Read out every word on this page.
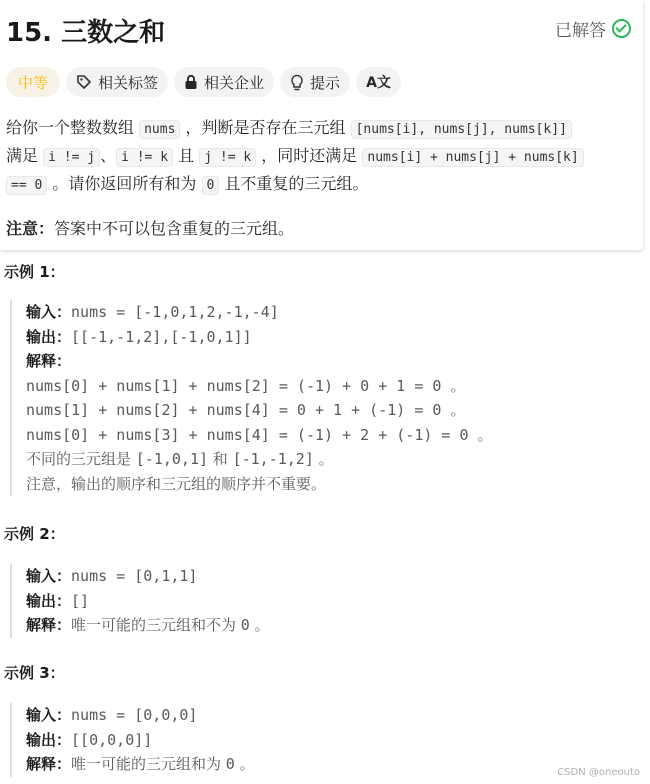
15. 三数之和	已解答
中等	相关标签	相关企业	提示 A文

给你一个整数数组 nums ，判断是否存在三元组 [nums[i], nums[j], nums[k]]
满足 i != j 、 i != k 且 j != k ，同时还满足 nums[i] + nums[j] + nums[k]
== 0 。请你返回所有和为 0 且不重复的三元组。

注意：答案中不可以包含重复的三元组。
示例 1：
输入：nums = [-1,0,1,2,-1,-4]
输出：[[-1,-1,2],[-1,0,1]]
解释：
nums[0] + nums[1] + nums[2] = (-1) + 0 + 1 = 0 。
nums[1] + nums[2] + nums[4] = 0 + 1 + (-1) = 0 。
nums[0] + nums[3] + nums[4] = (-1) + 2 + (-1) = 0 。
不同的三元组是 [-1,0,1] 和 [-1,-1,2] 。
注意，输出的顺序和三元组的顺序并不重要。
示例 2：
输入：nums = [0,1,1]
输出：[]
解释：唯一可能的三元组和不为 0 。
示例 3：
输入：nums = [0,0,0]
输出：[[0,0,0]]
解释：唯一可能的三元组和为 0 。	CSDN @oneouto
